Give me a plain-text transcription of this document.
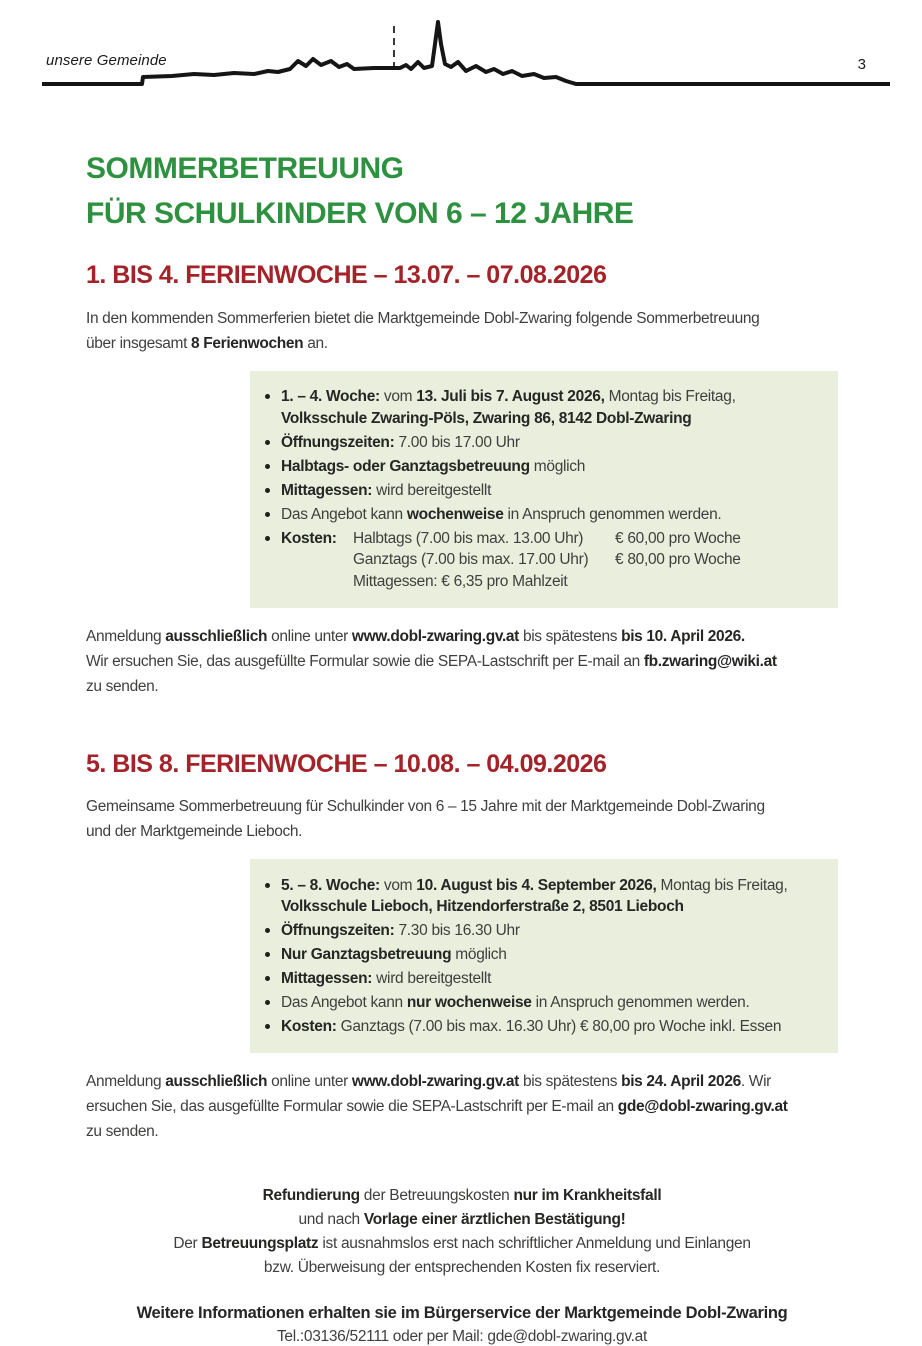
unsere Gemeinde	3
SOMMERBETREUUNG
FÜR SCHULKINDER VON 6 – 12 JAHRE
1. BIS 4. FERIENWOCHE – 13.07. – 07.08.2026

In den kommenden Sommerferien bietet die Marktgemeinde Dobl-Zwaring folgende Sommerbetreuung
über insgesamt 8 Ferienwochen an.

1. – 4. Woche: vom 13. Juli bis 7. August 2026, Montag bis Freitag,
Volksschule Zwaring-Pöls, Zwaring 86, 8142 Dobl-Zwaring
Öffnungszeiten: 7.00 bis 17.00 Uhr
Halbtags- oder Ganztagsbetreuung möglich
Mittagessen: wird bereitgestellt
Das Angebot kann wochenweise in Anspruch genommen werden.
Kosten:	Halbtags (7.00 bis max. 13.00 Uhr)	€ 60,00 pro Woche
Ganztags (7.00 bis max. 17.00 Uhr)	€ 80,00 pro Woche
Mittagessen: € 6,35 pro Mahlzeit

Anmeldung ausschließlich online unter www.dobl-zwaring.gv.at bis spätestens bis 10. April 2026.
Wir ersuchen Sie, das ausgefüllte Formular sowie die SEPA-Lastschrift per E-mail an fb.zwaring@wiki.at
zu senden.

5. BIS 8. FERIENWOCHE – 10.08. – 04.09.2026

Gemeinsame Sommerbetreuung für Schulkinder von 6 – 15 Jahre mit der Marktgemeinde Dobl-Zwaring
und der Marktgemeinde Lieboch.

5. – 8. Woche: vom 10. August bis 4. September 2026, Montag bis Freitag,
Volksschule Lieboch, Hitzendorferstraße 2, 8501 Lieboch
Öffnungszeiten: 7.30 bis 16.30 Uhr
Nur Ganztagsbetreuung möglich
Mittagessen: wird bereitgestellt
Das Angebot kann nur wochenweise in Anspruch genommen werden.
Kosten: Ganztags (7.00 bis max. 16.30 Uhr) € 80,00 pro Woche inkl. Essen

Anmeldung ausschließlich online unter www.dobl-zwaring.gv.at bis spätestens bis 24. April 2026. Wir
ersuchen Sie, das ausgefüllte Formular sowie die SEPA-Lastschrift per E-mail an gde@dobl-zwaring.gv.at
zu senden.

Refundierung der Betreuungskosten nur im Krankheitsfall

und nach Vorlage einer ärztlichen Bestätigung!

Der Betreuungsplatz ist ausnahmslos erst nach schriftlicher Anmeldung und Einlangen
bzw. Überweisung der entsprechenden Kosten fix reserviert.

Weitere Informationen erhalten sie im Bürgerservice der Marktgemeinde Dobl-Zwaring
Tel.:03136/52111 oder per Mail: gde@dobl-zwaring.gv.at
